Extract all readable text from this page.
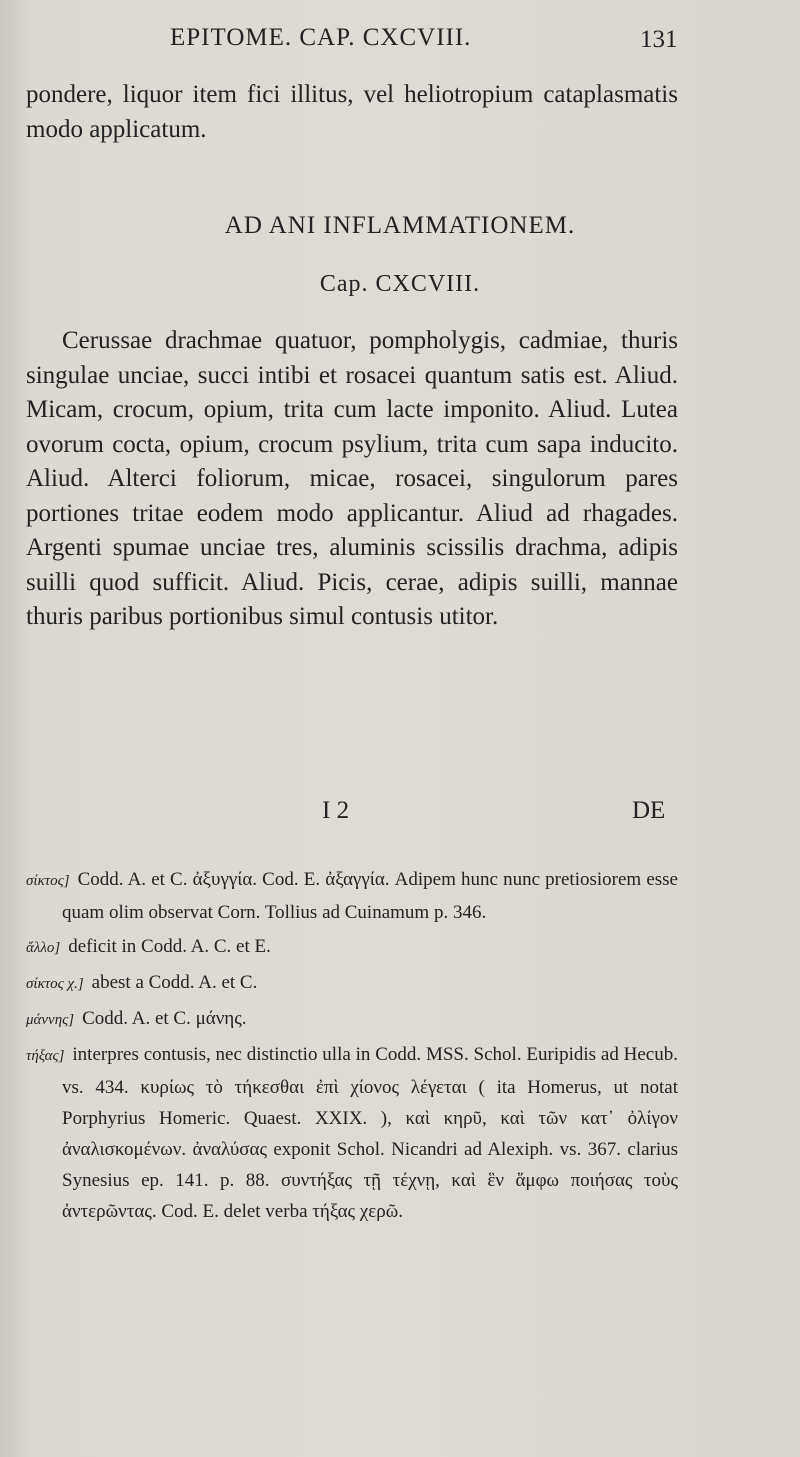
EPITOME. CAP. CXCVIII.	131
pondere, liquor item fici illitus, vel heliotropium cataplasmatis modo applicatum.
AD ANI INFLAMMATIONEM.
Cap. CXCVIII.
Cerussae drachmae quatuor, pompholygis, cadmiae, thuris singulae unciae, succi intibi et rosacei quantum satis est. Aliud. Micam, crocum, opium, trita cum lacte imponito. Aliud. Lutea ovorum cocta, opium, crocum psylium, trita cum sapa inducito. Aliud. Alterci foliorum, micae, rosacei, singulorum pares portiones tritae eodem modo applicantur. Aliud ad rhagades. Argenti spumae unciae tres, aluminis scissilis drachma, adipis suilli quod sufficit. Aliud. Picis, cerae, adipis suilli, mannae thuris paribus portionibus simul contusis utitor.
I 2	DE

σίκτος] Codd. A. et C. ἀξυγγία. Cod. E. ἀξαγγία. Adipem hunc nunc pretiosiorem esse quam olim observat Corn. Tollius ad Cuinamum p. 346.

ἄλλο] deficit in Codd. A. C. et E.

σίκτος χ.] abest a Codd. A. et C.

μάννης] Codd. A. et C. μάνης.

τήξας] interpres contusis, nec distinctio ulla in Codd. MSS. Schol. Euripidis ad Hecub. vs. 434. κυρίως τὸ τήκεσθαι ἐπὶ χίονος λέγεται ( ita Homerus, ut notat Porphyrius Homeric. Quaest. XXIX. ), καὶ κηρῦ, καὶ τῶν κατ᾽ ὀλίγον ἀναλισκομένων. ἀναλύσας exponit Schol. Nicandri ad Alexiph. vs. 367. clarius Synesius ep. 141. p. 88. συντήξας τῇ τέχνῃ, καὶ ἓν ἅμφω ποιήσας τοὺς ἀντερῶντας. Cod. E. delet verba τήξας χερῶ.
